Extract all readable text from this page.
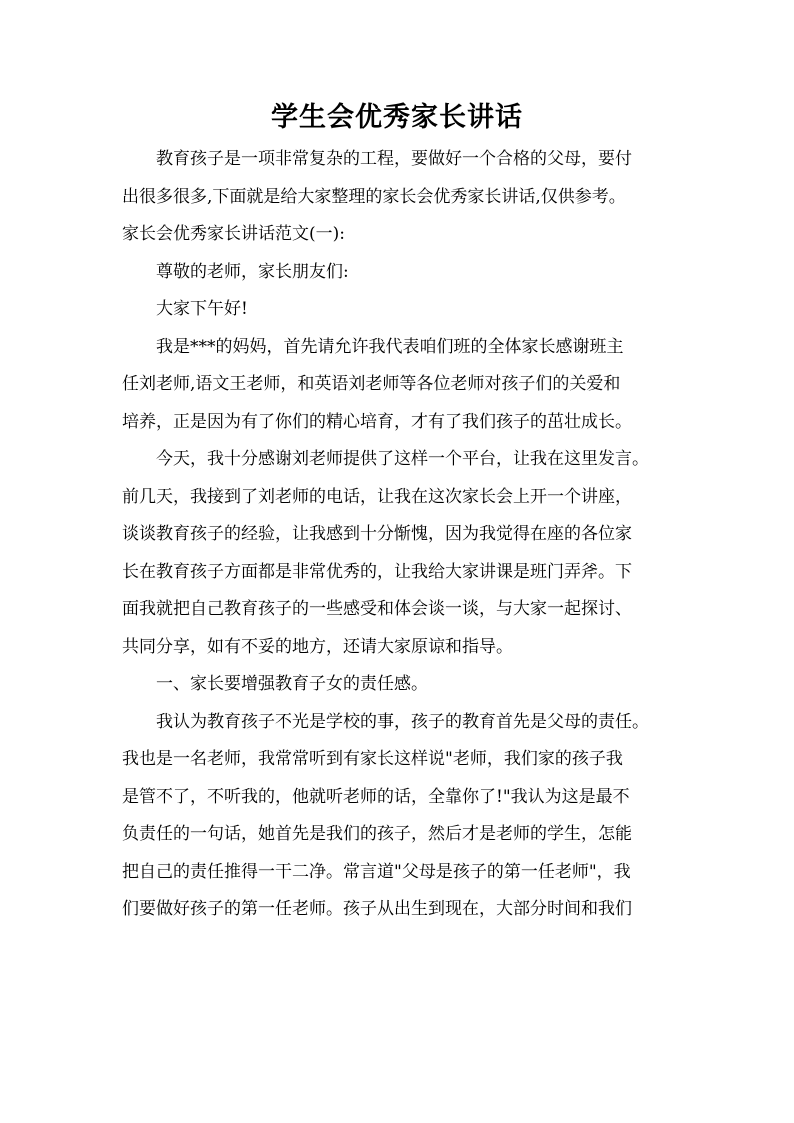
学生会优秀家长讲话
教育孩子是一项非常复杂的工程，要做好一个合格的父母，要付
出很多很多,下面就是给大家整理的家长会优秀家长讲话,仅供参考。
家长会优秀家长讲话范文(一):
尊敬的老师，家长朋友们:
大家下午好!
我是***的妈妈，首先请允许我代表咱们班的全体家长感谢班主
任刘老师,语文王老师，和英语刘老师等各位老师对孩子们的关爱和
培养，正是因为有了你们的精心培育，才有了我们孩子的茁壮成长。
今天，我十分感谢刘老师提供了这样一个平台，让我在这里发言。
前几天，我接到了刘老师的电话，让我在这次家长会上开一个讲座，
谈谈教育孩子的经验，让我感到十分惭愧，因为我觉得在座的各位家
长在教育孩子方面都是非常优秀的，让我给大家讲课是班门弄斧。下
面我就把自己教育孩子的一些感受和体会谈一谈，与大家一起探讨、
共同分享，如有不妥的地方，还请大家原谅和指导。
一、家长要增强教育子女的责任感。
我认为教育孩子不光是学校的事，孩子的教育首先是父母的责任。
我也是一名老师，我常常听到有家长这样说"老师，我们家的孩子我
是管不了，不听我的，他就听老师的话，全靠你了!"我认为这是最不
负责任的一句话，她首先是我们的孩子，然后才是老师的学生，怎能
把自己的责任推得一干二净。常言道"父母是孩子的第一任老师"，我
们要做好孩子的第一任老师。孩子从出生到现在，大部分时间和我们
